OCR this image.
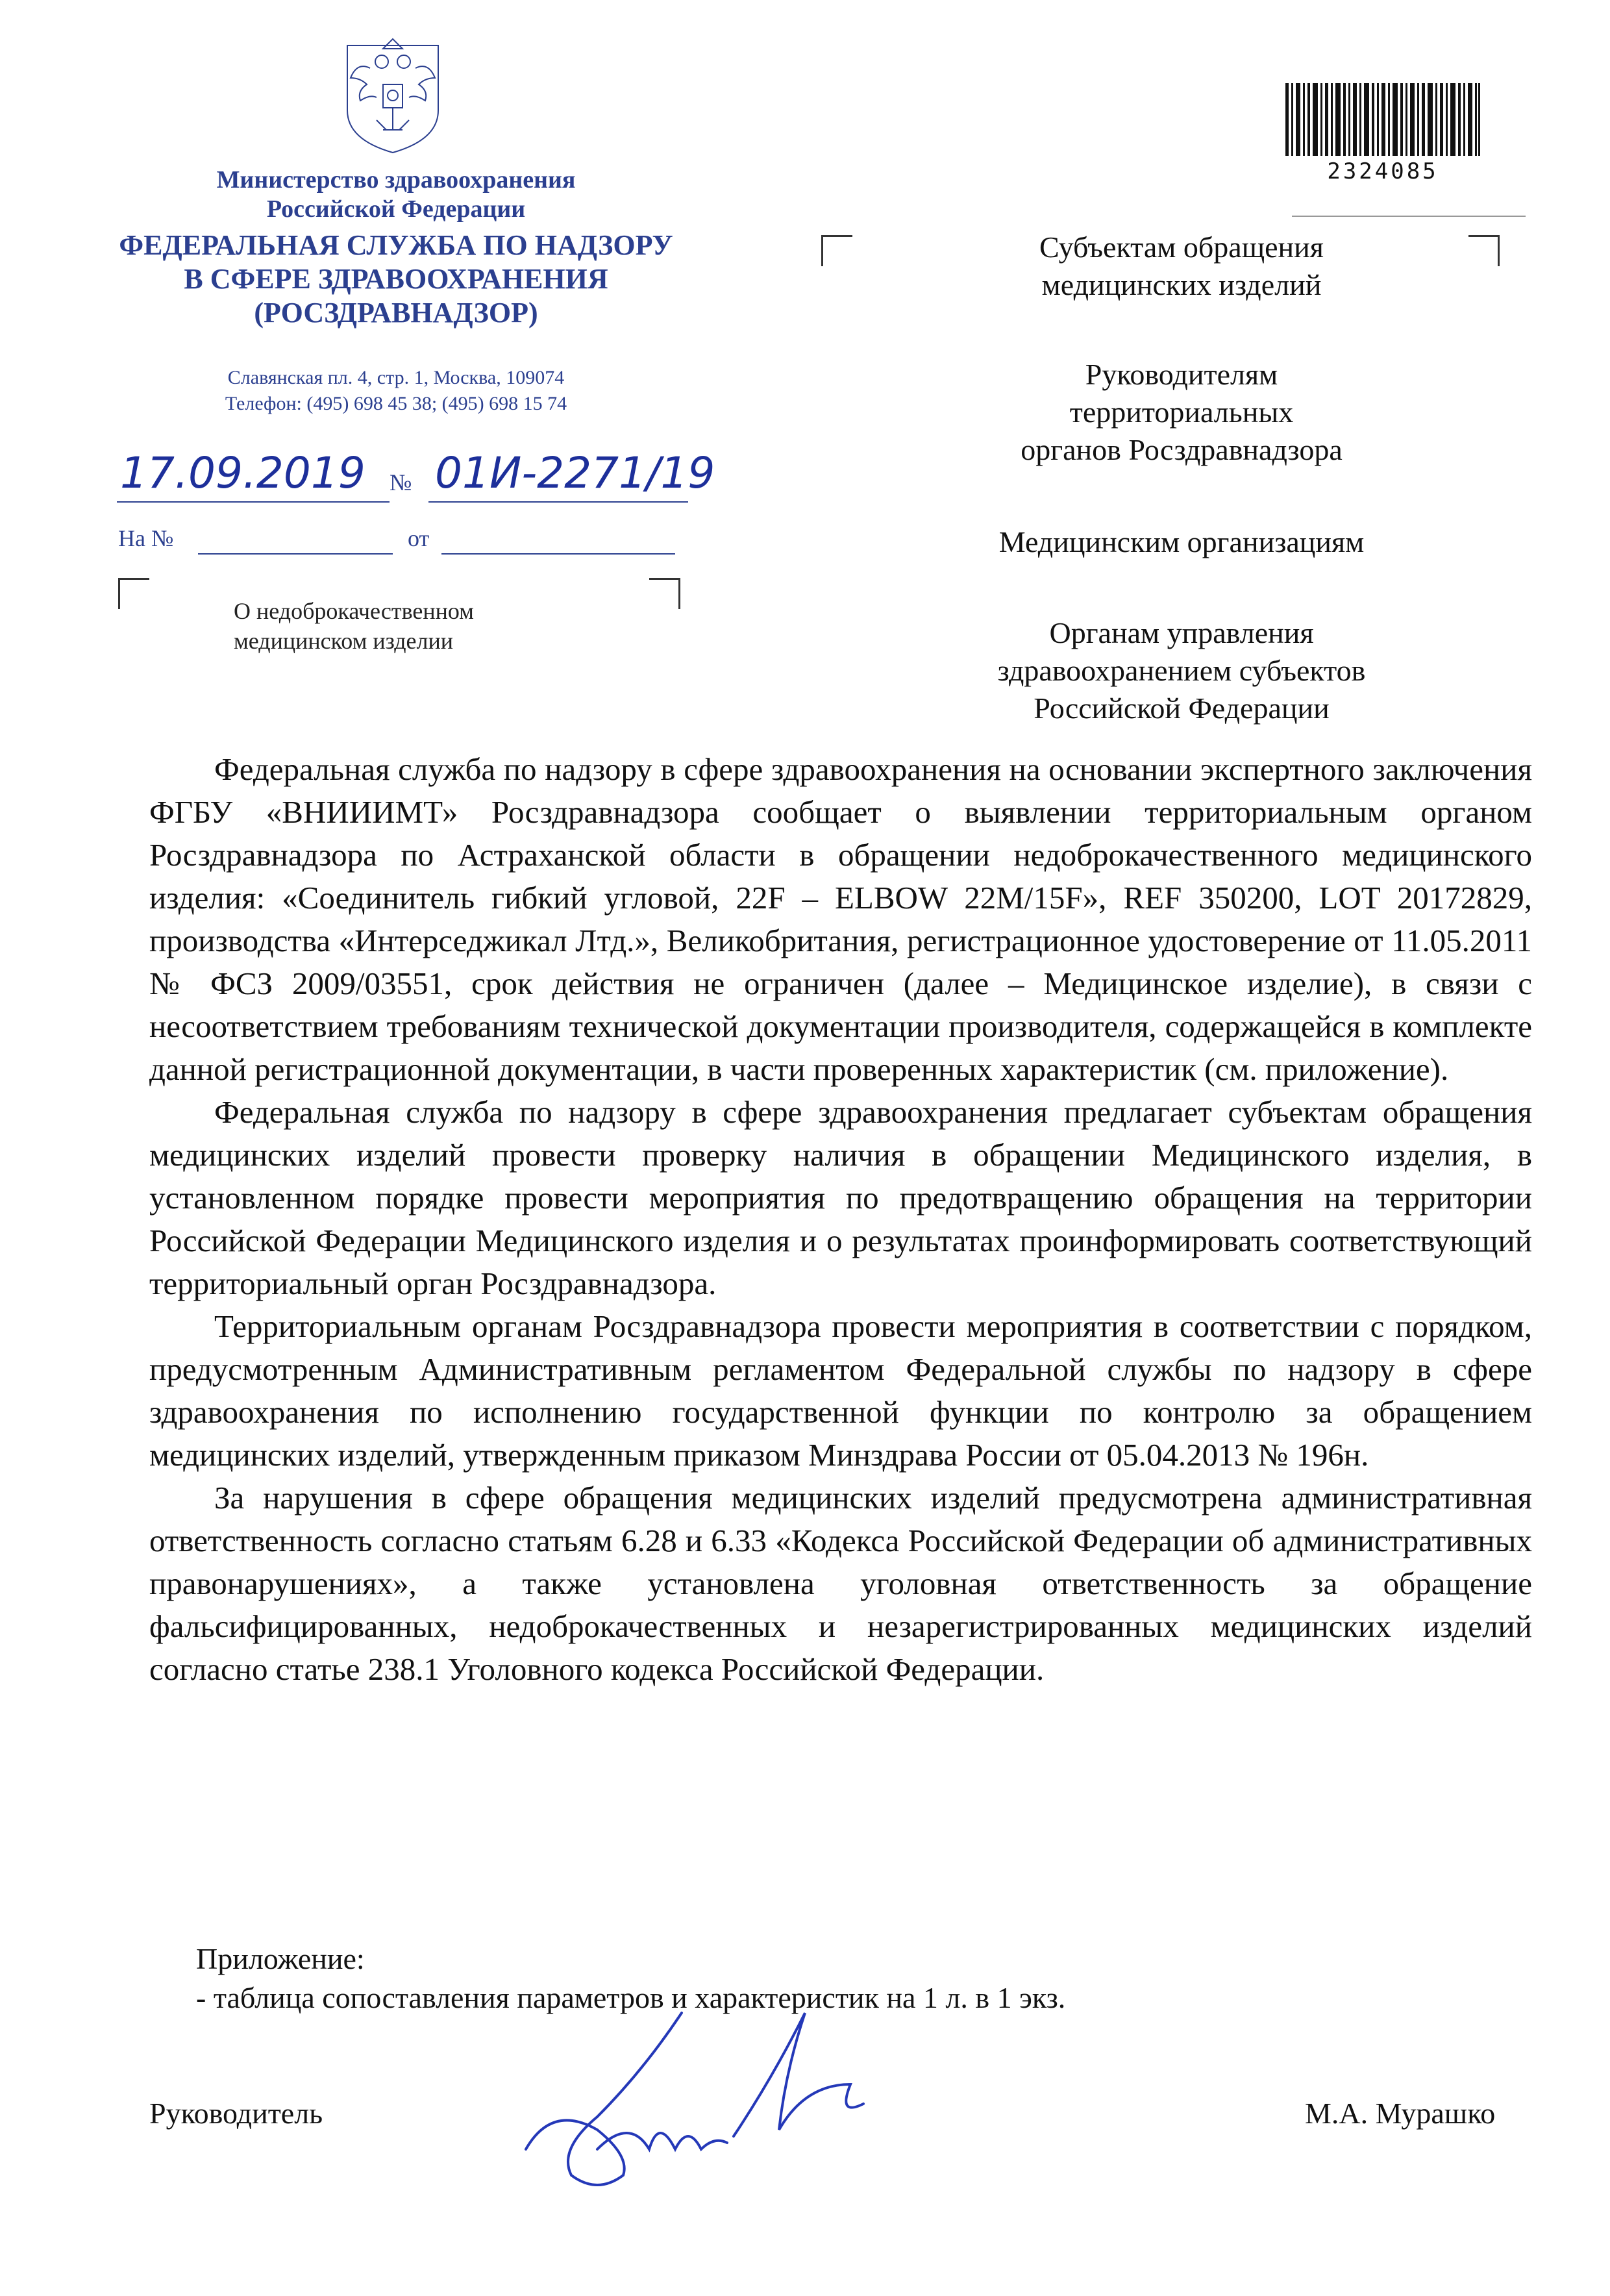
Министерство здравоохранения
Российской Федерации
ФЕДЕРАЛЬНАЯ СЛУЖБА ПО НАДЗОРУ
В СФЕРЕ ЗДРАВООХРАНЕНИЯ
(РОСЗДРАВНАДЗОР)
Славянская пл. 4, стр. 1, Москва, 109074
Телефон: (495) 698 45 38; (495) 698 15 74
17.09.2019 № 01И-2271/19
На №	от
О недоброкачественном
медицинском изделии
2324085
Субъектам обращения
медицинских изделий
Руководителям
территориальных
органов Росздравнадзора
Медицинским организациям
Органам управления
здравоохранением субъектов
Российской Федерации

Федеральная служба по надзору в сфере здравоохранения на основании экспертного заключения ФГБУ «ВНИИИМТ» Росздравнадзора сообщает о выявлении территориальным органом Росздравнадзора по Астраханской области в обращении недоброкачественного медицинского изделия: «Соединитель гибкий угловой, 22F – ELBOW 22M/15F», REF 350200, LOT 20172829, производства «Интерседжикал Лтд.», Великобритания, регистрационное удостоверение от 11.05.2011 № ФСЗ 2009/03551, срок действия не ограничен (далее – Медицинское изделие), в связи с несоответствием требованиям технической документации производителя, содержащейся в комплекте данной регистрационной документации, в части проверенных характеристик (см. приложение).

Федеральная служба по надзору в сфере здравоохранения предлагает субъектам обращения медицинских изделий провести проверку наличия в обращении Медицинского изделия, в установленном порядке провести мероприятия по предотвращению обращения на территории Российской Федерации Медицинского изделия и о результатах проинформировать соответствующий территориальный орган Росздравнадзора.

Территориальным органам Росздравнадзора провести мероприятия в соответствии с порядком, предусмотренным Административным регламентом Федеральной службы по надзору в сфере здравоохранения по исполнению государственной функции по контролю за обращением медицинских изделий, утвержденным приказом Минздрава России от 05.04.2013 № 196н.

За нарушения в сфере обращения медицинских изделий предусмотрена административная ответственность согласно статьям 6.28 и 6.33 «Кодекса Российской Федерации об административных правонарушениях», а также установлена уголовная ответственность за обращение фальсифицированных, недоброкачественных и незарегистрированных медицинских изделий согласно статье 238.1 Уголовного кодекса Российской Федерации.

Приложение:
- таблица сопоставления параметров и характеристик на 1 л. в 1 экз.
Руководитель	М.А. Мурашко
